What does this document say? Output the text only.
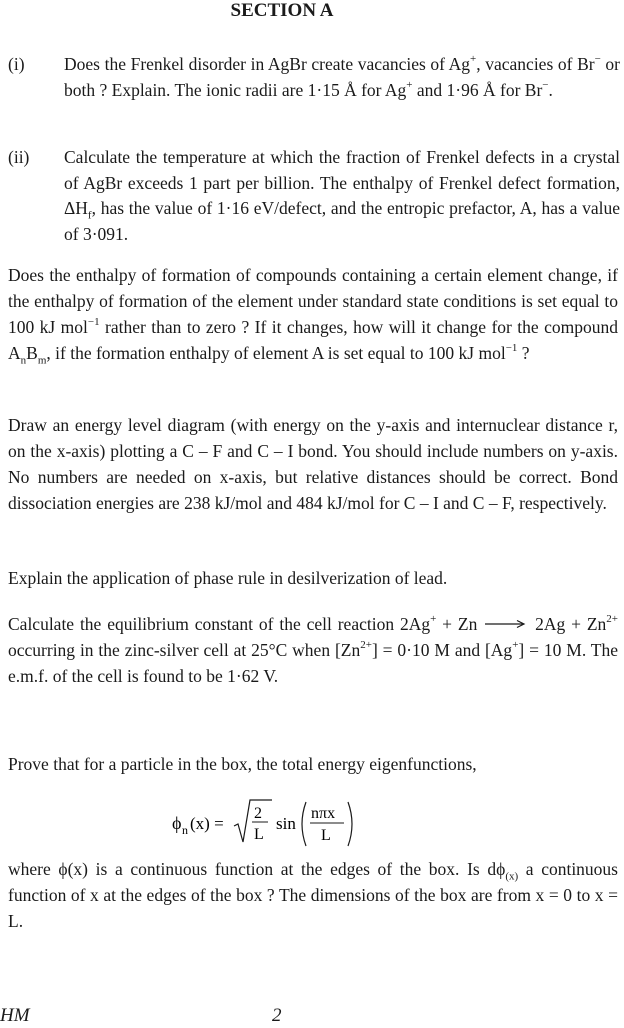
SECTION A
(i) Does the Frenkel disorder in AgBr create vacancies of Ag+, vacancies of Br− or both ? Explain. The ionic radii are 1·15 Å for Ag+ and 1·96 Å for Br−.
(ii) Calculate the temperature at which the fraction of Frenkel defects in a crystal of AgBr exceeds 1 part per billion. The enthalpy of Frenkel defect formation, $\Delta H_f$, has the value of 1·16 eV/defect, and the entropic prefactor, A, has a value of 3·091.
Does the enthalpy of formation of compounds containing a certain element change, if the enthalpy of formation of the element under standard state conditions is set equal to 100 kJ mol$^{-1}$ rather than to zero ? If it changes, how will it change for the compound $A_nB_m$, if the formation enthalpy of element A is set equal to 100 kJ mol$^{-1}$ ?
Draw an energy level diagram (with energy on the y-axis and internuclear distance r, on the x-axis) plotting a C – F and C – I bond. You should include numbers on y-axis. No numbers are needed on x-axis, but relative distances should be correct. Bond dissociation energies are 238 kJ/mol and 484 kJ/mol for C – I and C – F, respectively.
Explain the application of phase rule in desilverization of lead.
Calculate the equilibrium constant of the cell reaction $2Ag^+ + Zn \to 2Ag + Zn^{2+}$ occurring in the zinc-silver cell at 25°C when $[Zn^{2+}] = 0\cdot 10$ M and [Ag+] = 10 M. The e.m.f. of the cell is found to be 1·62 V.
Prove that for a particle in the box, the total energy eigenfunctions,
ϕ n (x) =
2
L
sin
nπx
L
where ϕ(x) is a continuous function at the edges of the box. Is $d\phi_{(x)}$ a continuous function of x at the edges of the box ? The dimensions of the box are from x = 0 to x = L.
HM	2
